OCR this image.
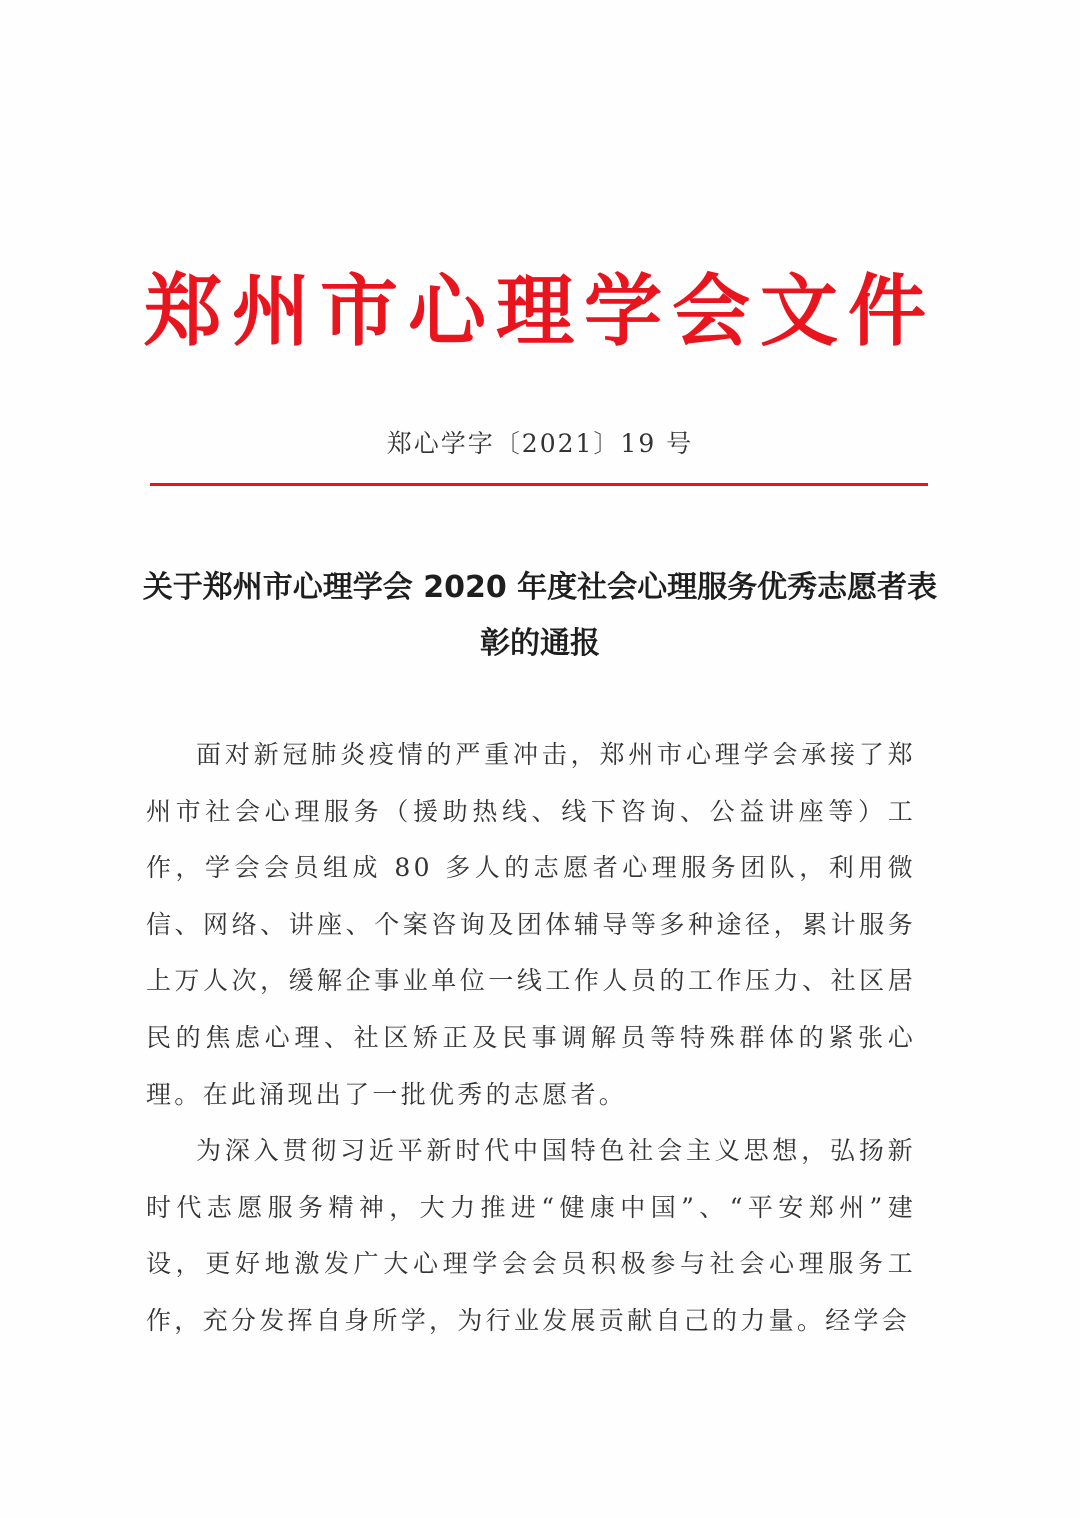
郑州市心理学会文件
郑心学字〔2021〕19 号
关于郑州市心理学会 2020 年度社会心理服务优秀志愿者表彰的通报

面对新冠肺炎疫情的严重冲击，郑州市心理学会承接了郑州市社会心理服务（援助热线、线下咨询、公益讲座等）工作，学会会员组成 80 多人的志愿者心理服务团队，利用微信、网络、讲座、个案咨询及团体辅导等多种途径，累计服务上万人次，缓解企事业单位一线工作人员的工作压力、社区居民的焦虑心理、社区矫正及民事调解员等特殊群体的紧张心理。在此涌现出了一批优秀的志愿者。

为深入贯彻习近平新时代中国特色社会主义思想，弘扬新时代志愿服务精神，大力推进“健康中国”、“平安郑州”建设，更好地激发广大心理学会会员积极参与社会心理服务工作，充分发挥自身所学，为行业发展贡献自己的力量。经学会
